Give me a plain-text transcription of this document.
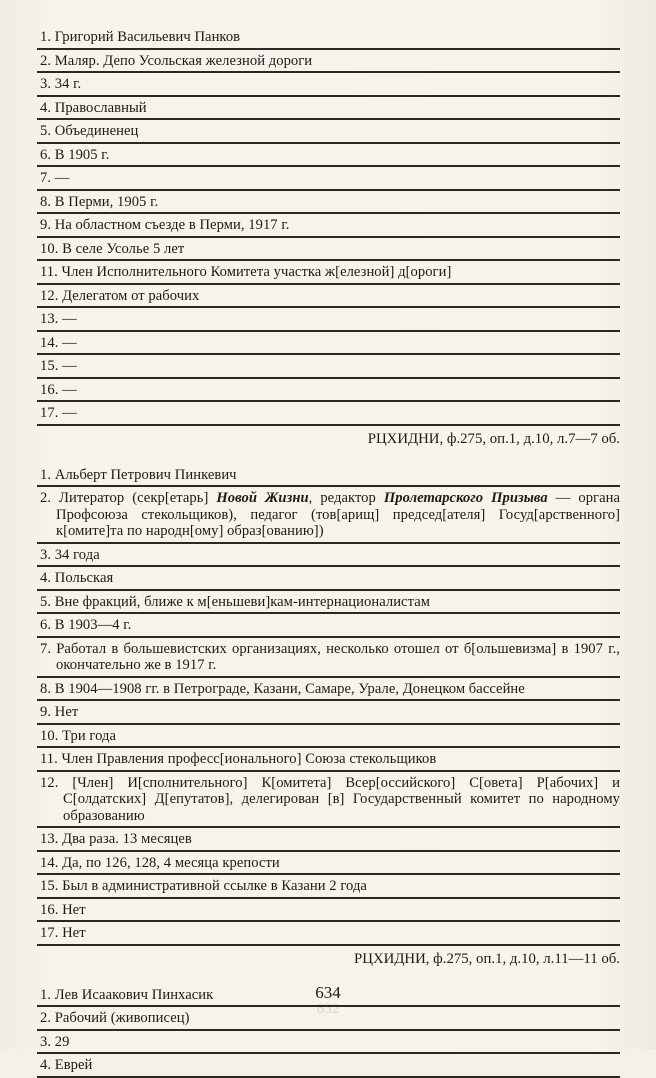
1. Григорий Васильевич Панков
2. Маляр. Депо Усольская железной дороги
3. 34 г.
4. Православный
5. Объединенец
6. В 1905 г.
7. —
8. В Перми, 1905 г.
9. На областном съезде в Перми, 1917 г.
10. В селе Усолье 5 лет
11. Член Исполнительного Комитета участка ж[елезной] д[ороги]
12. Делегатом от рабочих
13. —
14. —
15. —
16. —
17. —
РЦХИДНИ, ф.275, оп.1, д.10, л.7—7 об.
1. Альберт Петрович Пинкевич
2. Литератор (секр[етарь] Новой Жизни, редактор Пролетарского Призыва — органа Профсоюза стекольщиков), педагог (тов[арищ] председ[ателя] Госуд[арственного] к[омите]та по народн[ому] образ[ованию])
3. 34 года
4. Польская
5. Вне фракций, ближе к м[еньшеви]кам-интернационалистам
6. В 1903—4 г.
7. Работал в большевистских организациях, несколько отошел от б[ольшевизма] в 1907 г., окончательно же в 1917 г.
8. В 1904—1908 гг. в Петрограде, Казани, Самаре, Урале, Донецком бассейне
9. Нет
10. Три года
11. Член Правления професс[ионального] Союза стекольщиков
12. [Член] И[сполнительного] К[омитета] Всер[оссийского] С[овета] Р[абочих] и С[олдатских] Д[епутатов], делегирован [в] Государственный комитет по народному образованию
13. Два раза. 13 месяцев
14. Да, по 126, 128, 4 месяца крепости
15. Был в административной ссылке в Казани 2 года
16. Нет
17. Нет
РЦХИДНИ, ф.275, оп.1, д.10, л.11—11 об.
1. Лев Исаакович Пинхасик
2. Рабочий (живописец)
3. 29
4. Еврей
632
634
